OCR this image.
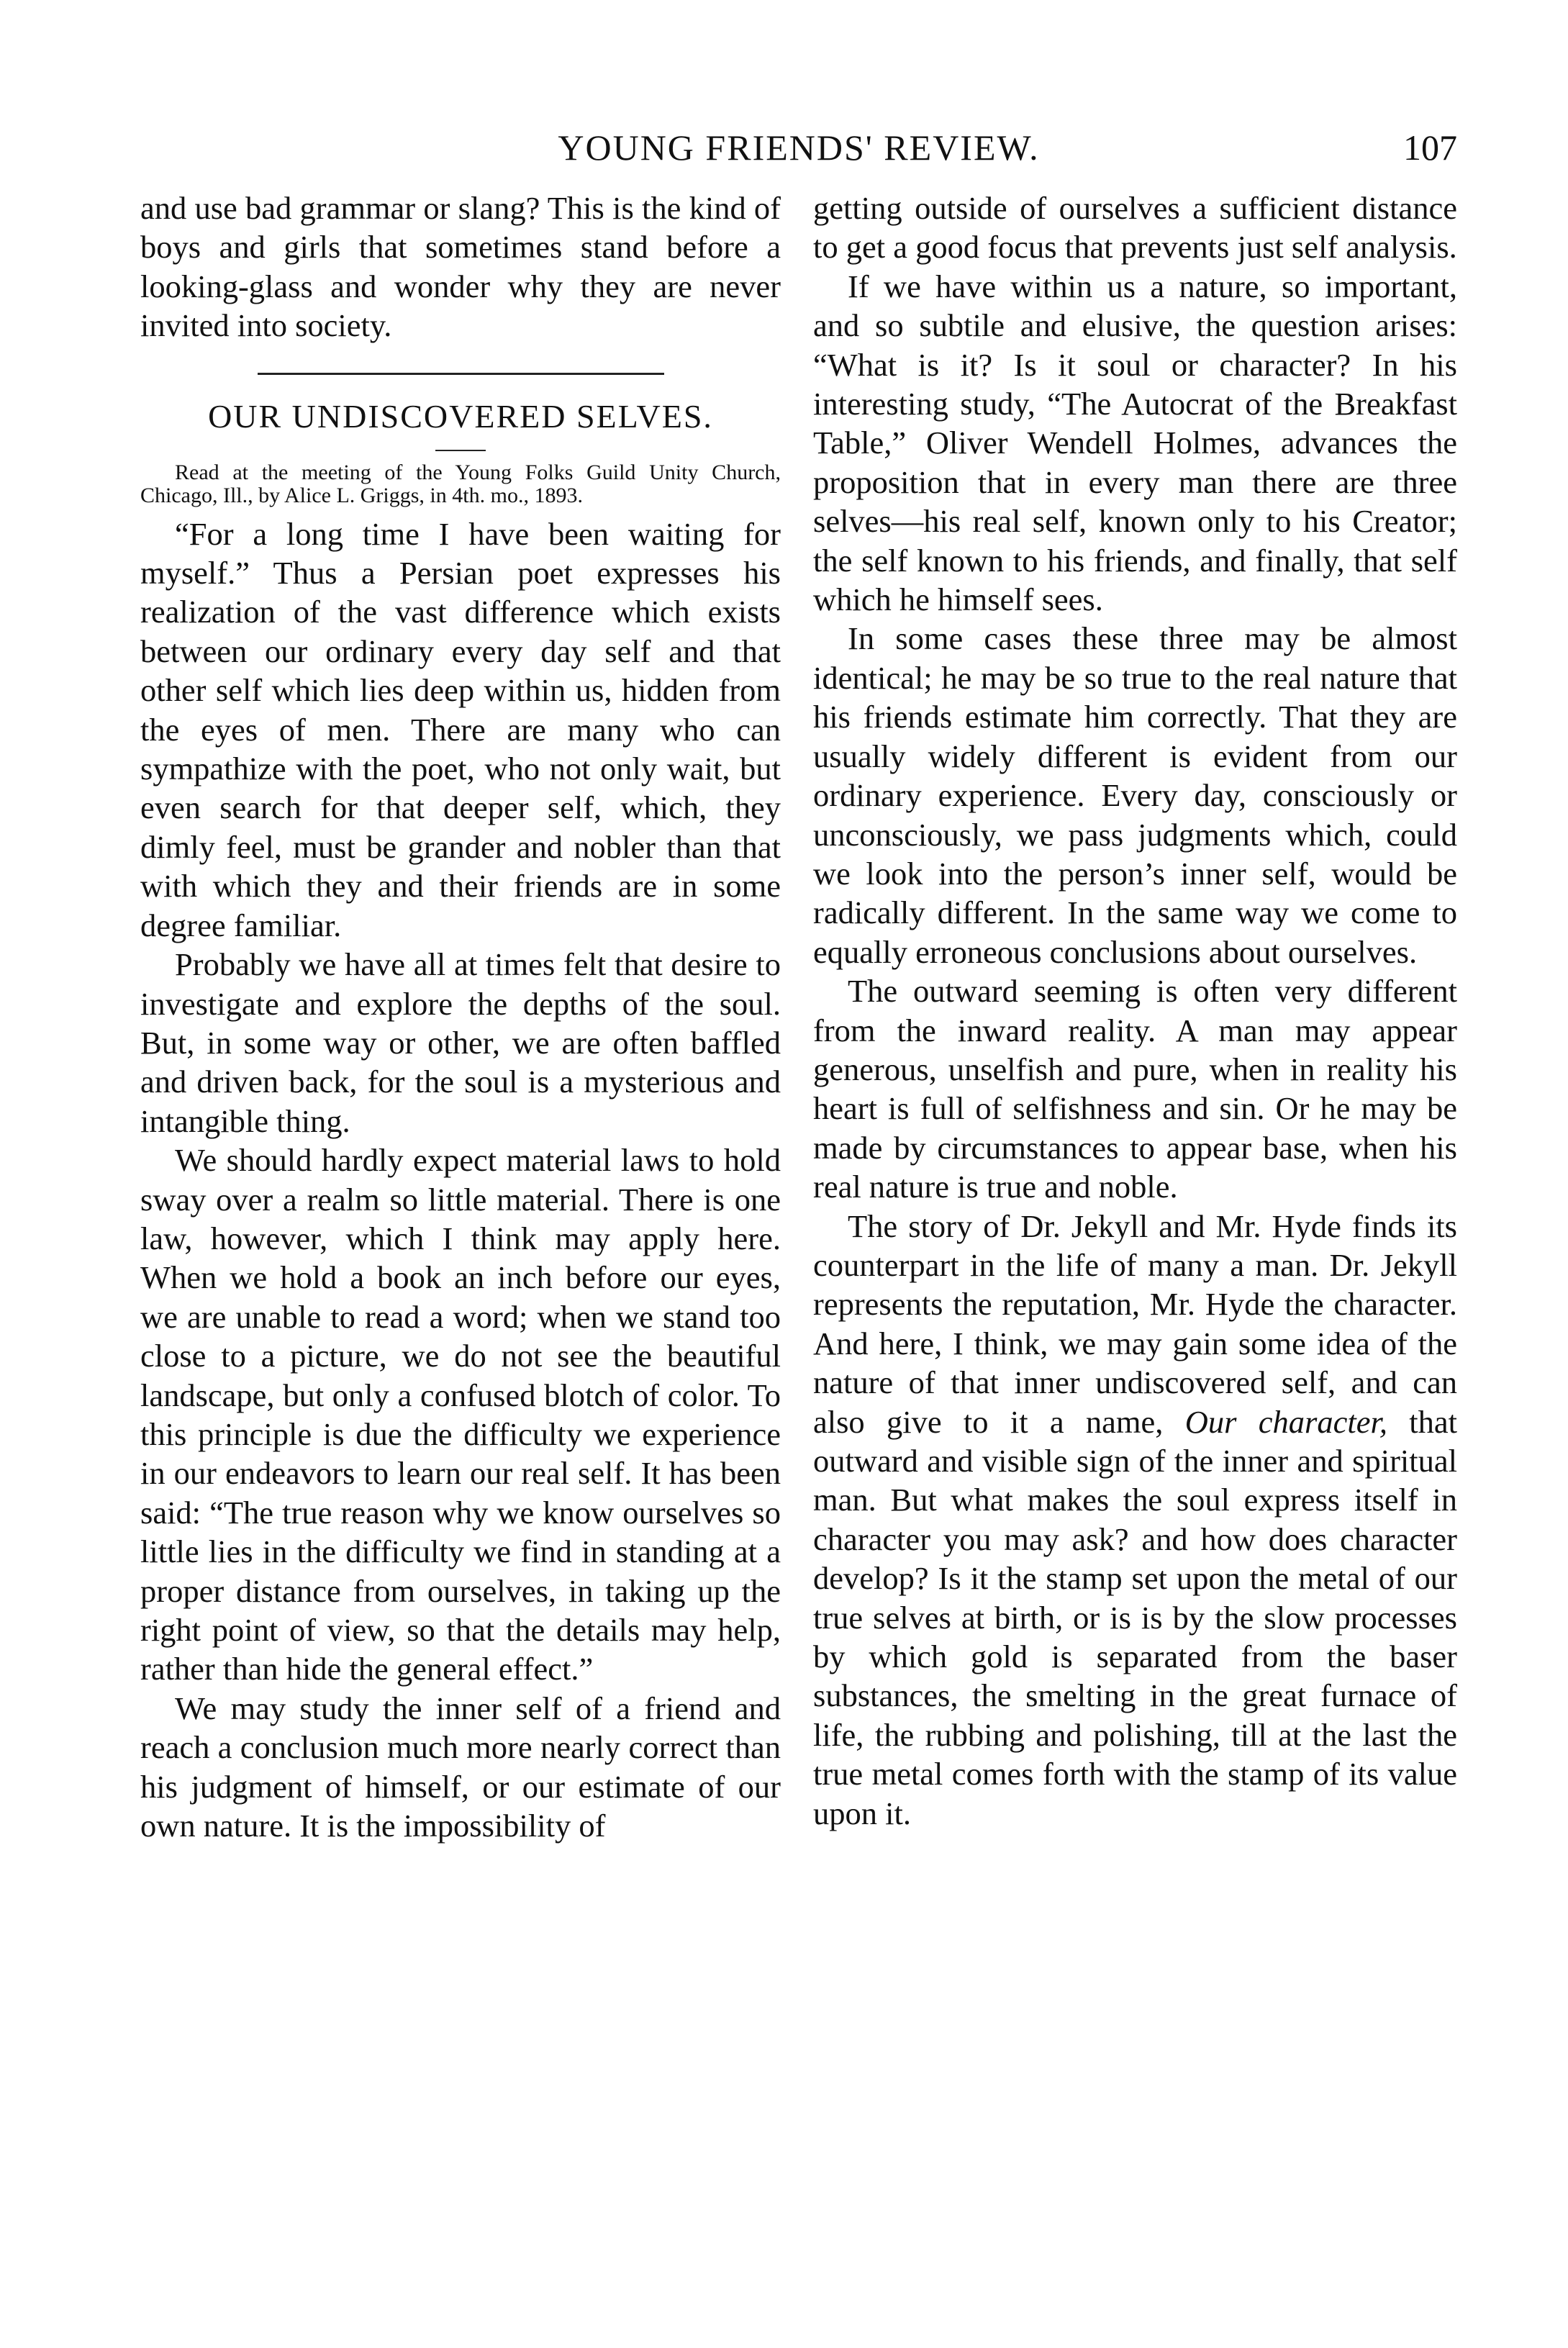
YOUNG FRIENDS' REVIEW.	107

and use bad grammar or slang? This is the kind of boys and girls that sometimes stand before a looking-glass and wonder why they are never invited into society.

OUR UNDISCOVERED SELVES.
Read at the meeting of the Young Folks Guild Unity Church, Chicago, Ill., by Alice L. Griggs, in 4th. mo., 1893.

“For a long time I have been waiting for myself.” Thus a Persian poet expresses his realization of the vast difference which exists between our ordinary every day self and that other self which lies deep within us, hidden from the eyes of men. There are many who can sympathize with the poet, who not only wait, but even search for that deeper self, which, they dimly feel, must be grander and nobler than that with which they and their friends are in some degree familiar.

Probably we have all at times felt that desire to investigate and explore the depths of the soul. But, in some way or other, we are often baffled and driven back, for the soul is a mysterious and intangible thing.

We should hardly expect material laws to hold sway over a realm so little material. There is one law, however, which I think may apply here. When we hold a book an inch before our eyes, we are unable to read a word; when we stand too close to a picture, we do not see the beautiful landscape, but only a confused blotch of color. To this principle is due the difficulty we experience in our endeavors to learn our real self. It has been said: “The true reason why we know ourselves so little lies in the difficulty we find in standing at a proper distance from ourselves, in taking up the right point of view, so that the details may help, rather than hide the general effect.”

We may study the inner self of a friend and reach a conclusion much more nearly correct than his judgment of himself, or our estimate of our own nature. It is the impossibility of

getting outside of ourselves a sufficient distance to get a good focus that prevents just self analysis.

If we have within us a nature, so important, and so subtile and elusive, the question arises: “What is it? Is it soul or character? In his interesting study, “The Autocrat of the Breakfast Table,” Oliver Wendell Holmes, advances the proposition that in every man there are three selves—his real self, known only to his Creator; the self known to his friends, and finally, that self which he himself sees.

In some cases these three may be almost identical; he may be so true to the real nature that his friends estimate him correctly. That they are usually widely different is evident from our ordinary experience. Every day, consciously or unconsciously, we pass judgments which, could we look into the person’s inner self, would be radically different. In the same way we come to equally erroneous conclusions about ourselves.

The outward seeming is often very different from the inward reality. A man may appear generous, unselfish and pure, when in reality his heart is full of selfishness and sin. Or he may be made by circumstances to appear base, when his real nature is true and noble.

The story of Dr. Jekyll and Mr. Hyde finds its counterpart in the life of many a man. Dr. Jekyll represents the reputation, Mr. Hyde the character. And here, I think, we may gain some idea of the nature of that inner undiscovered self, and can also give to it a name, Our character, that outward and visible sign of the inner and spiritual man. But what makes the soul express itself in character you may ask? and how does character develop? Is it the stamp set upon the metal of our true selves at birth, or is is by the slow processes by which gold is separated from the baser substances, the smelting in the great furnace of life, the rubbing and polishing, till at the last the true metal comes forth with the stamp of its value upon it.
